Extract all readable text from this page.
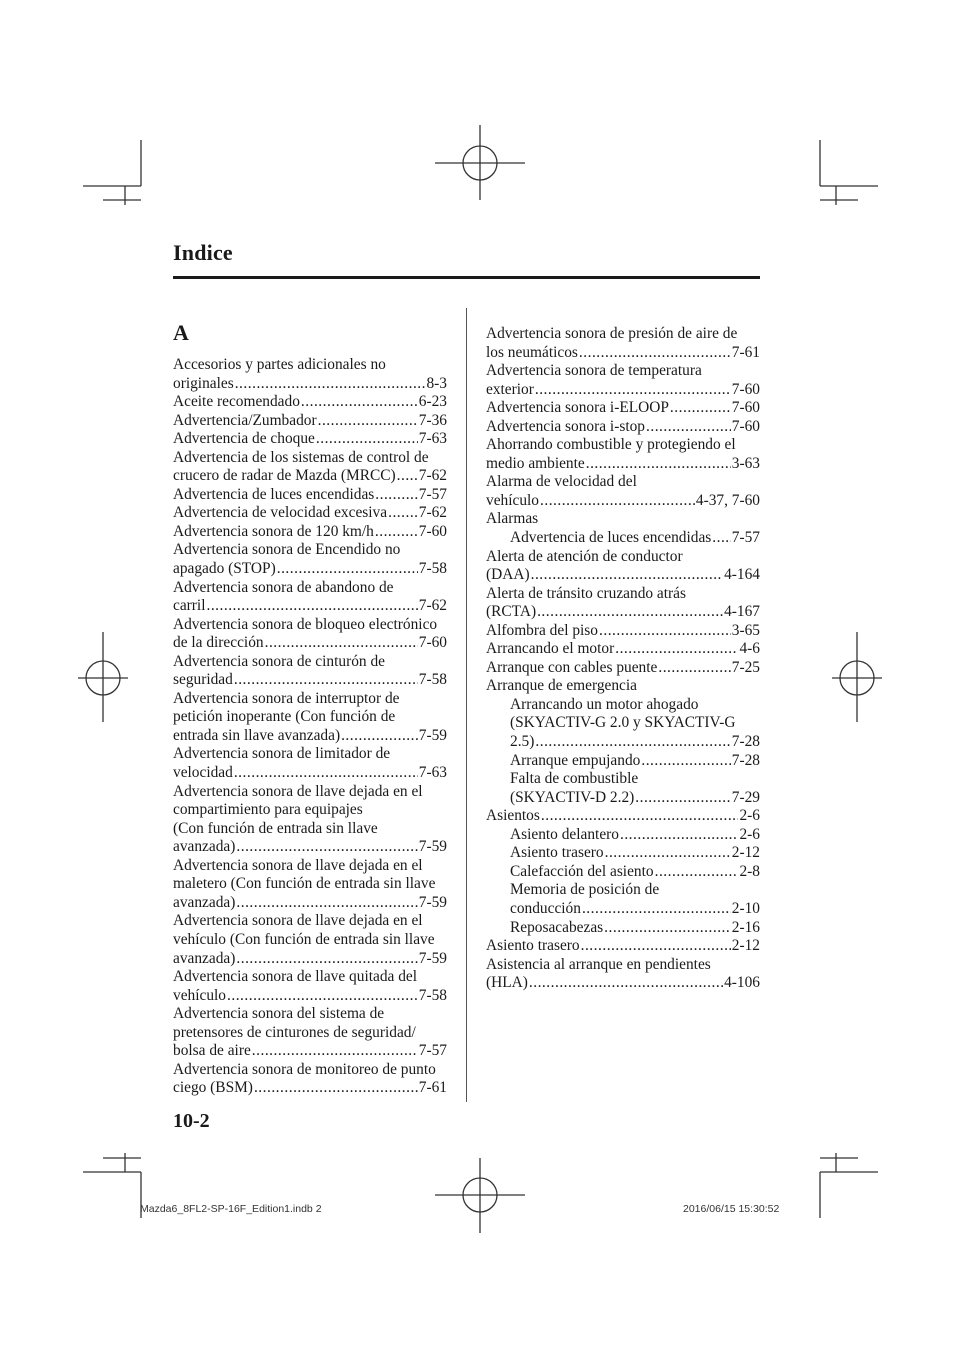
Indice
A
Accesorios y partes adicionales no
originales .....	8-3
Aceite recomendado .....	6-23
Advertencia/Zumbador .....	7-36
Advertencia de choque .....	7-63
Advertencia de los sistemas de control de
crucero de radar de Mazda (MRCC) ..... 7-62
Advertencia de luces encendidas .....	7-57
Advertencia de velocidad excesiva ..... 7-62
Advertencia sonora de 120 km/h .....	7-60
Advertencia sonora de Encendido no
apagado (STOP) .....	7-58
Advertencia sonora de abandono de
carril .....	7-62
Advertencia sonora de bloqueo electrónico
de la dirección .....	7-60
Advertencia sonora de cinturón de
seguridad .....	7-58
Advertencia sonora de interruptor de
petición inoperante (Con función de
entrada sin llave avanzada) .....	7-59
Advertencia sonora de limitador de
velocidad .....	7-63
Advertencia sonora de llave dejada en el
compartimiento para equipajes
(Con función de entrada sin llave
avanzada) .....	7-59
Advertencia sonora de llave dejada en el
maletero (Con función de entrada sin llave
avanzada) .....	7-59
Advertencia sonora de llave dejada en el
vehículo (Con función de entrada sin llave
avanzada) .....	7-59
Advertencia sonora de llave quitada del
vehículo .....	7-58
Advertencia sonora del sistema de
pretensores de cinturones de seguridad/
bolsa de aire .....	7-57
Advertencia sonora de monitoreo de punto
ciego (BSM) .....	7-61
Advertencia sonora de presión de aire de
los neumáticos .....	7-61
Advertencia sonora de temperatura
exterior .....	7-60
Advertencia sonora i-ELOOP .....	7-60
Advertencia sonora i-stop .....	7-60
Ahorrando combustible y protegiendo el
medio ambiente .....	3-63
Alarma de velocidad del
vehículo .....	4-37, 7-60
Alarmas
Advertencia de luces encendidas ..... 7-57
Alerta de atención de conductor
(DAA) .....	4-164
Alerta de tránsito cruzando atrás
(RCTA) .....	4-167
Alfombra del piso .....	3-65
Arrancando el motor .....	4-6
Arranque con cables puente .....	7-25
Arranque de emergencia
Arrancando un motor ahogado
(SKYACTIV-G 2.0 y SKYACTIV-G
2.5) .....	7-28
Arranque empujando .....	7-28
Falta de combustible
(SKYACTIV-D 2.2) .....	7-29
Asientos .....	2-6
Asiento delantero .....	2-6
Asiento trasero .....	2-12
Calefacción del asiento .....	2-8
Memoria de posición de
conducción .....	2-10
Reposacabezas .....	2-16
Asiento trasero .....	2-12
Asistencia al arranque en pendientes
(HLA) .....	4-106
10-2
Mazda6_8FL2-SP-16F_Edition1.indb 2	2016/06/15 15:30:52
